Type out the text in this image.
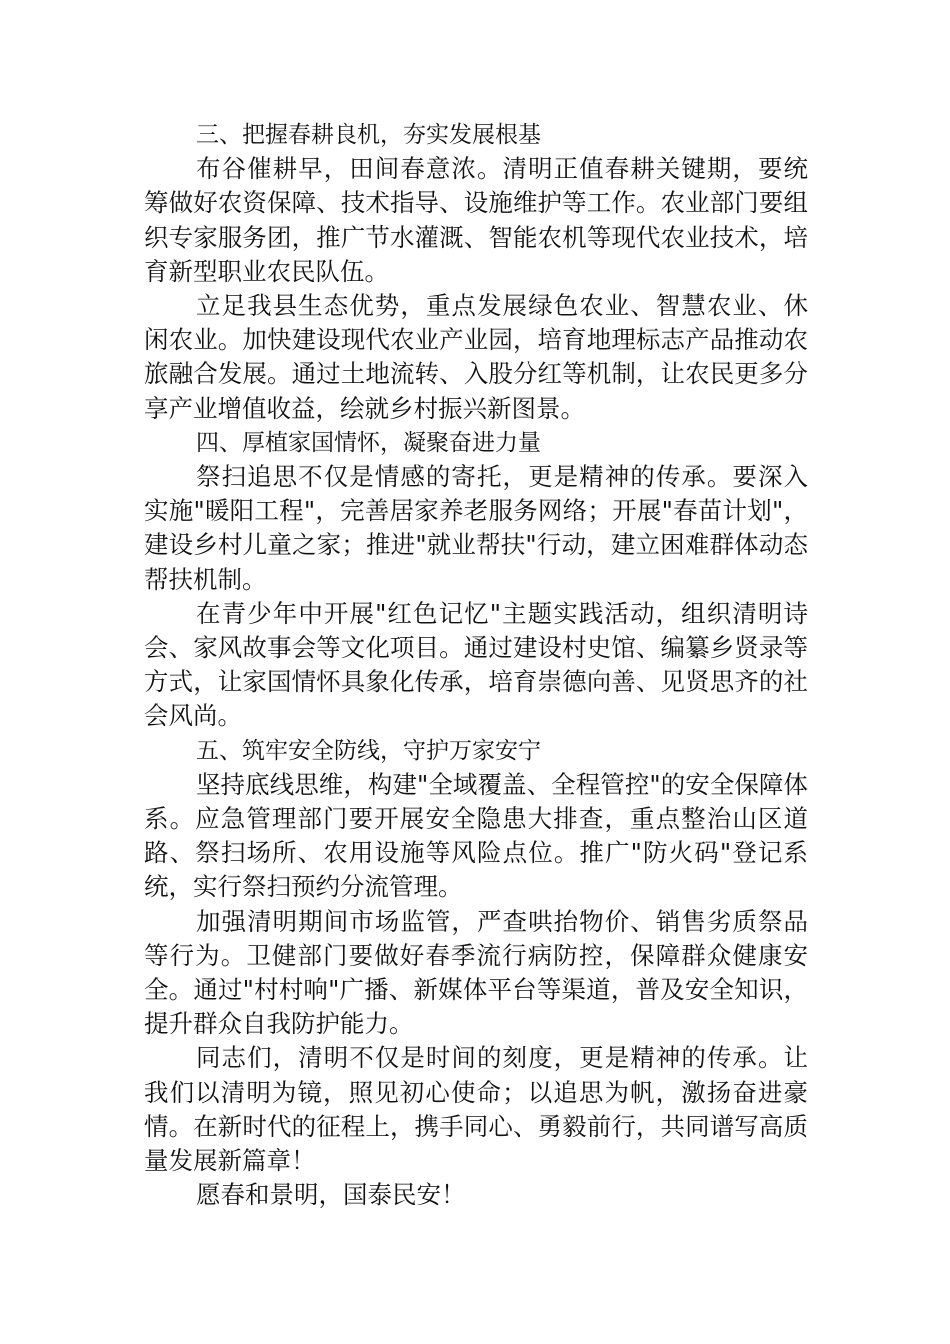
三、把握春耕良机，夯实发展根基

布谷催耕早，田间春意浓。清明正值春耕关键期，要统筹做好农资保障、技术指导、设施维护等工作。农业部门要组织专家服务团，推广节水灌溉、智能农机等现代农业技术，培育新型职业农民队伍。

立足我县生态优势，重点发展绿色农业、智慧农业、休闲农业。加快建设现代农业产业园，培育地理标志产品推动农旅融合发展。通过土地流转、入股分红等机制，让农民更多分享产业增值收益，绘就乡村振兴新图景。

四、厚植家国情怀，凝聚奋进力量

祭扫追思不仅是情感的寄托，更是精神的传承。要深入实施"暖阳工程"，完善居家养老服务网络；开展"春苗计划"，建设乡村儿童之家；推进"就业帮扶"行动，建立困难群体动态帮扶机制。

在青少年中开展"红色记忆"主题实践活动，组织清明诗会、家风故事会等文化项目。通过建设村史馆、编纂乡贤录等方式，让家国情怀具象化传承，培育崇德向善、见贤思齐的社会风尚。

五、筑牢安全防线，守护万家安宁

坚持底线思维，构建"全域覆盖、全程管控"的安全保障体系。应急管理部门要开展安全隐患大排查，重点整治山区道路、祭扫场所、农用设施等风险点位。推广"防火码"登记系统，实行祭扫预约分流管理。

加强清明期间市场监管，严查哄抬物价、销售劣质祭品等行为。卫健部门要做好春季流行病防控，保障群众健康安全。通过"村村响"广播、新媒体平台等渠道，普及安全知识，提升群众自我防护能力。

同志们，清明不仅是时间的刻度，更是精神的传承。让我们以清明为镜，照见初心使命；以追思为帆，激扬奋进豪情。在新时代的征程上，携手同心、勇毅前行，共同谱写高质量发展新篇章！

愿春和景明，国泰民安！
